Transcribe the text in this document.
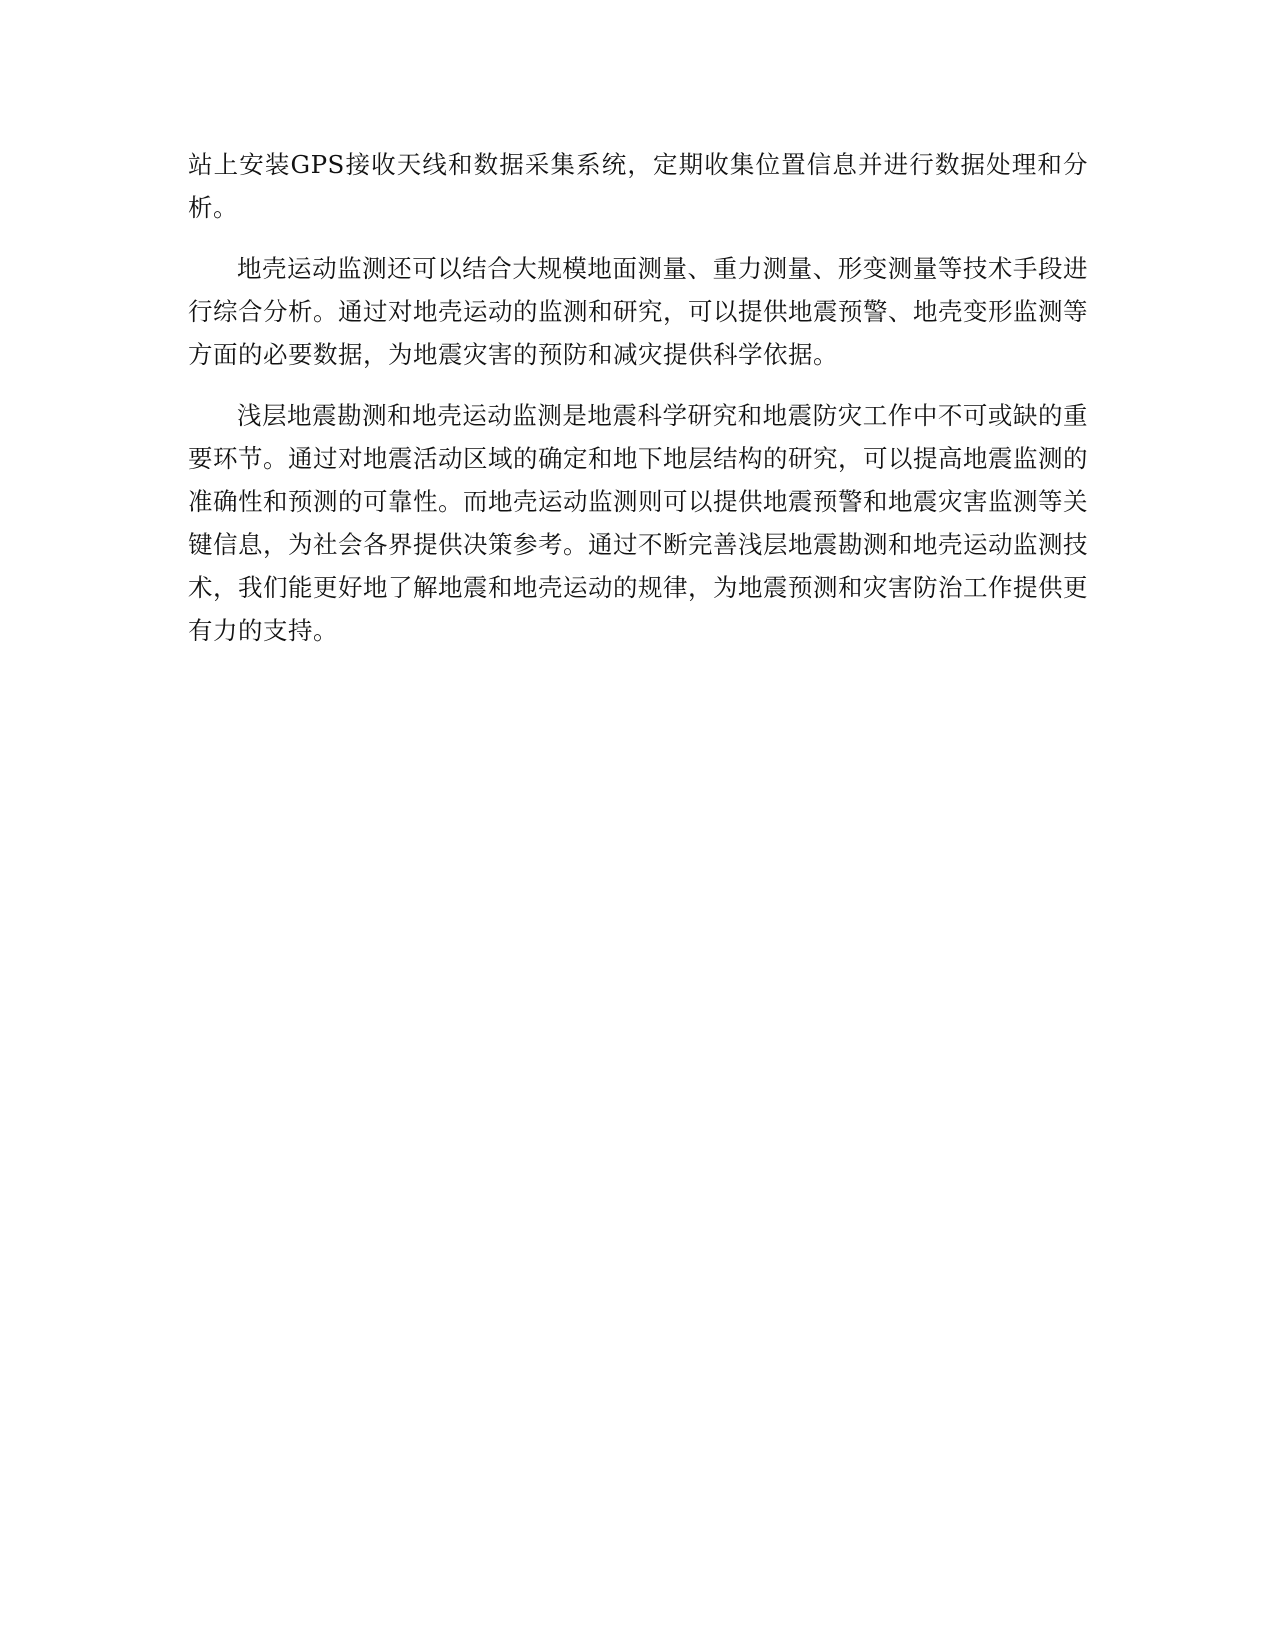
站上安装GPS接收天线和数据采集系统，定期收集位置信息并进行数据处理和分析。

地壳运动监测还可以结合大规模地面测量、重力测量、形变测量等技术手段进行综合分析。通过对地壳运动的监测和研究，可以提供地震预警、地壳变形监测等方面的必要数据，为地震灾害的预防和减灾提供科学依据。

浅层地震勘测和地壳运动监测是地震科学研究和地震防灾工作中不可或缺的重要环节。通过对地震活动区域的确定和地下地层结构的研究，可以提高地震监测的准确性和预测的可靠性。而地壳运动监测则可以提供地震预警和地震灾害监测等关键信息，为社会各界提供决策参考。通过不断完善浅层地震勘测和地壳运动监测技术，我们能更好地了解地震和地壳运动的规律，为地震预测和灾害防治工作提供更有力的支持。
